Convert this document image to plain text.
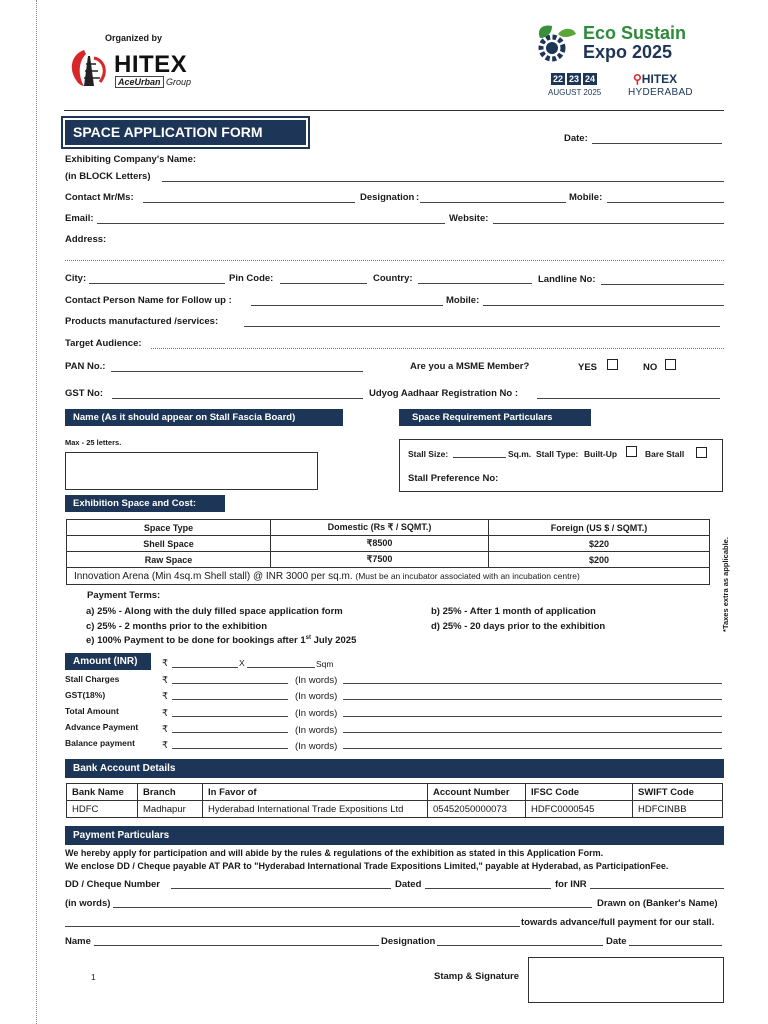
Organized by
HITEX
AceUrban Group
Eco Sustain
Expo 2025
22 23 24
AUGUST 2025
⚲HITEX
HYDERABAD
SPACE APPLICATION FORM	Date:
Exhibiting Company's Name:
(in BLOCK Letters)
Contact Mr/Ms:	Designation :	Mobile:
Email:	Website:
Address:
City:	Pin Code:	Country:	Landline No:
Contact Person Name for Follow up :	Mobile:
Products manufactured /services:
Target Audience:
PAN No.:	Are you a MSME Member?	YES	NO
GST No:	Udyog Aadhaar Registration No :
Name (As it should appear on Stall Fascia Board)
Max - 25 letters.
Space Requirement Particulars
Stall Size:	Sq.m. Stall Type: Built-Up	Bare Stall
Stall Preference No:
Exhibition Space and Cost:
Space Type	Domestic (Rs ₹ / SQMT.)	Foreign (US $ / SQMT.)
Shell Space	₹8500	$220
Raw Space	₹7500	$200
Innovation Arena (Min 4sq.m Shell stall) @ INR 3000 per sq.m. (Must be an incubator associated with an incubation centre)			*Taxes extra as applicable.
Payment Terms:
a) 25% - Along with the duly filled space application form	b) 25% - After 1 month of application
c) 25% - 2 months prior to the exhibition	d) 25% - 20 days prior to the exhibition
e) 100% Payment to be done for bookings after 1st July 2025
Amount (INR)	₹	X	Sqm
Stall Charges	₹	(In words)
GST(18%)	₹	(In words)
Total Amount	₹	(In words)
Advance Payment	₹	(In words)
Balance payment	₹	(In words)
Bank Account Details
Bank Name	Branch	In Favor of	Account Number	IFSC Code	SWIFT Code
HDFC	Madhapur	Hyderabad International Trade Expositions Ltd	05452050000073	HDFC0000545	HDFCINBB
Payment Particulars
We hereby apply for participation and will abide by the rules & regulations of the exhibition as stated in this Application Form.
We enclose DD / Cheque payable AT PAR to "Hyderabad International Trade Expositions Limited," payable at Hyderabad, as ParticipationFee.
DD / Cheque Number	Dated	for INR
(in words)	Drawn on (Banker's Name)
towards advance/full payment for our stall.
Name	Designation	Date
1	Stamp & Signature
